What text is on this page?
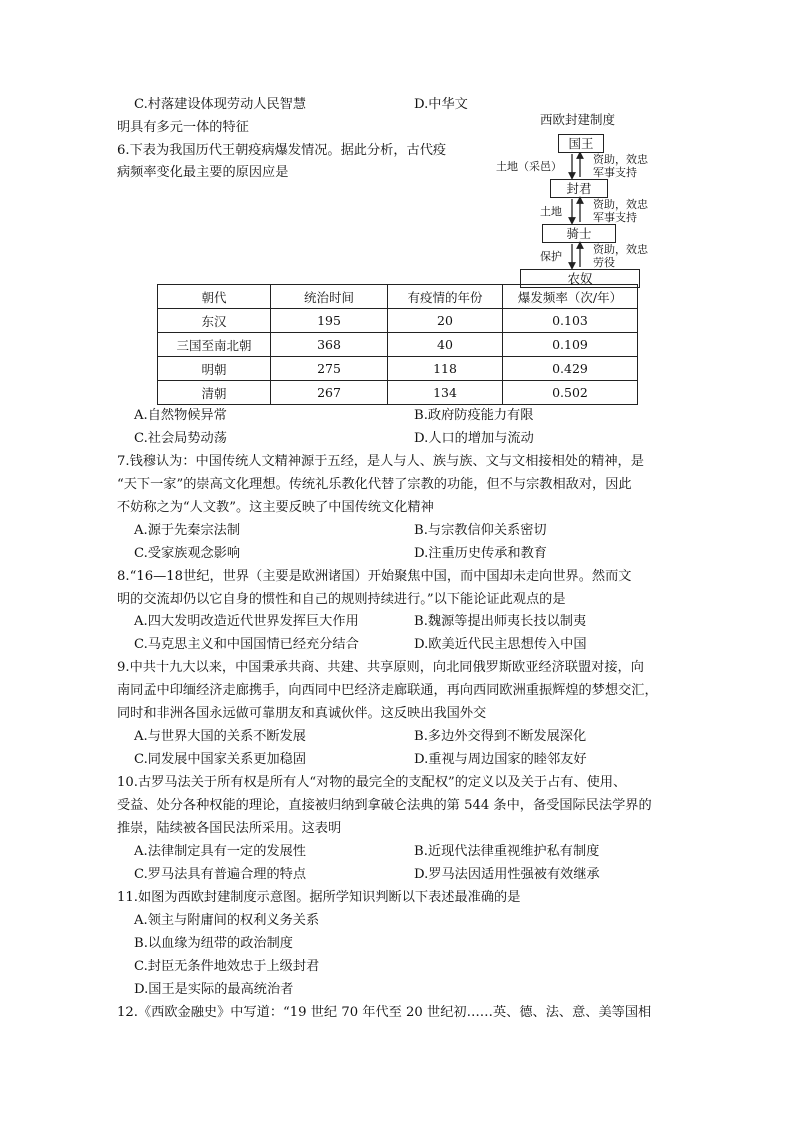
C.村落建设体现劳动人民智慧	D.中华文
明具有多元一体的特征
6.下表为我国历代王朝疫病爆发情况。据此分析，古代疫
病频率变化最主要的原因应是
西欧封建制度
国王
封君
骑士
农奴
土地（采邑）
土地
保护
资助，效忠
军事支持
资助，效忠
军事支持
资助，效忠
劳役
朝代	统治时间	有疫情的年份	爆发频率（次/年）
东汉	195	20	0.103
三国至南北朝	368	40	0.109
明朝	275	118	0.429
清朝	267	134	0.502
A.自然物候异常	B.政府防疫能力有限
C.社会局势动荡	D.人口的增加与流动
7.钱穆认为：中国传统人文精神源于五经，是人与人、族与族、文与文相接相处的精神，是
“天下一家”的崇高文化理想。传统礼乐教化代替了宗教的功能，但不与宗教相敌对，因此
不妨称之为“人文教”。这主要反映了中国传统文化精神
A.源于先秦宗法制	B.与宗教信仰关系密切
C.受家族观念影响	D.注重历史传承和教育
8.“16—18世纪，世界（主要是欧洲诸国）开始聚焦中国，而中国却未走向世界。然而文
明的交流却仍以它自身的惯性和自己的规则持续进行。”以下能论证此观点的是
A.四大发明改造近代世界发挥巨大作用	B.魏源等提出师夷长技以制夷
C.马克思主义和中国国情已经充分结合	D.欧美近代民主思想传入中国
9.中共十九大以来，中国秉承共商、共建、共享原则，向北同俄罗斯欧亚经济联盟对接，向
南同孟中印缅经济走廊携手，向西同中巴经济走廊联通，再向西同欧洲重振辉煌的梦想交汇，
同时和非洲各国永远做可靠朋友和真诚伙伴。这反映出我国外交
A.与世界大国的关系不断发展	B.多边外交得到不断发展深化
C.同发展中国家关系更加稳固	D.重视与周边国家的睦邻友好
10.古罗马法关于所有权是所有人“对物的最完全的支配权”的定义以及关于占有、使用、
受益、处分各种权能的理论，直接被归纳到拿破仑法典的第 544 条中，备受国际民法学界的
推崇，陆续被各国民法所采用。这表明
A.法律制定具有一定的发展性	B.近现代法律重视维护私有制度
C.罗马法具有普遍合理的特点	D.罗马法因适用性强被有效继承
11.如图为西欧封建制度示意图。据所学知识判断以下表述最准确的是
A.领主与附庸间的权利义务关系
B.以血缘为纽带的政治制度
C.封臣无条件地效忠于上级封君
D.国王是实际的最高统治者
12.《西欧金融史》中写道：“19 世纪 70 年代至 20 世纪初……英、德、法、意、美等国相
